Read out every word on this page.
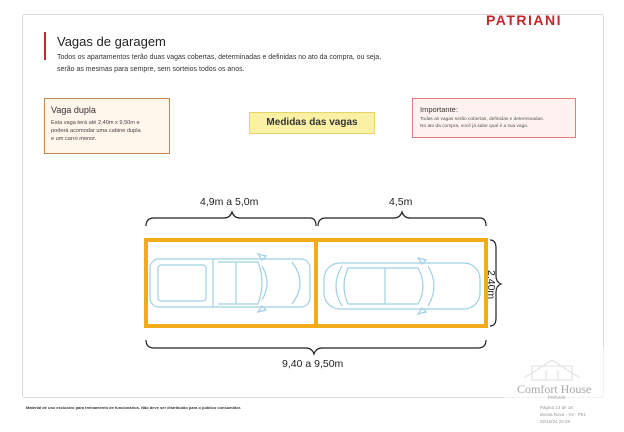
PATRIANI
Vagas de garagem
Todos os apartamentos terão duas vagas cobertas, determinadas e definidas no ato da compra, ou seja,
serão as mesmas para sempre, sem sorteios todos os anos.
Vaga dupla
Esta vaga terá até 2,40m x 9,50m e
poderá acomodar uma cabine dupla
e um carro menor.
Medidas das vagas
Importante:
Todas as vagas serão cobertas, definidas e determinadas.
No ato da compra, você já sabe qual é a sua vaga.
4,9m a 5,0m	4,5m
2,40m
9,40 a 9,50m
Material de uso exclusivo para treinamento de funcionários. Não deve ser distribuído para o público consumidor.
Comfort House
Imóveis
Página 14 de 18
Bossa Nova - V2 - P01
02/10/24 20:48
